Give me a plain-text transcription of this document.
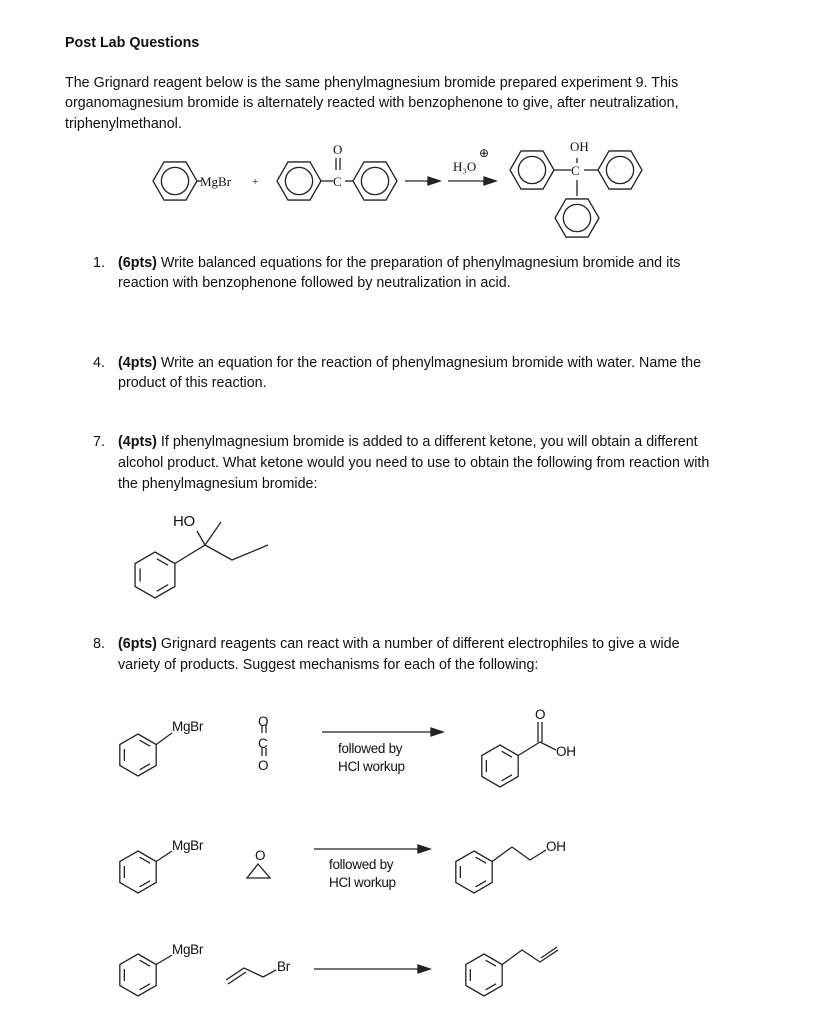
Post Lab Questions
The Grignard reagent below is the same phenylmagnesium bromide prepared experiment 9. This
organomagnesium bromide is alternately reacted with benzophenone to give, after neutralization,
triphenylmethanol.
MgBr +	C
O
H₃O
⊕
C
OH
1. (6pts) Write balanced equations for the preparation of phenylmagnesium bromide and its
reaction with benzophenone followed by neutralization in acid.
4. (4pts) Write an equation for the reaction of phenylmagnesium bromide with water. Name the
product of this reaction.
7. (4pts) If phenylmagnesium bromide is added to a different ketone, you will obtain a different
alcohol product. What ketone would you need to use to obtain the following from reaction with
the phenylmagnesium bromide:
HO
8. (6pts) Grignard reagents can react with a number of different electrophiles to give a wide
variety of products. Suggest mechanisms for each of the following:
MgBr	O
C
O
followed by
HCl workup
O
OH
MgBr
O
followed by
HCl workup
OH
MgBr
Br
